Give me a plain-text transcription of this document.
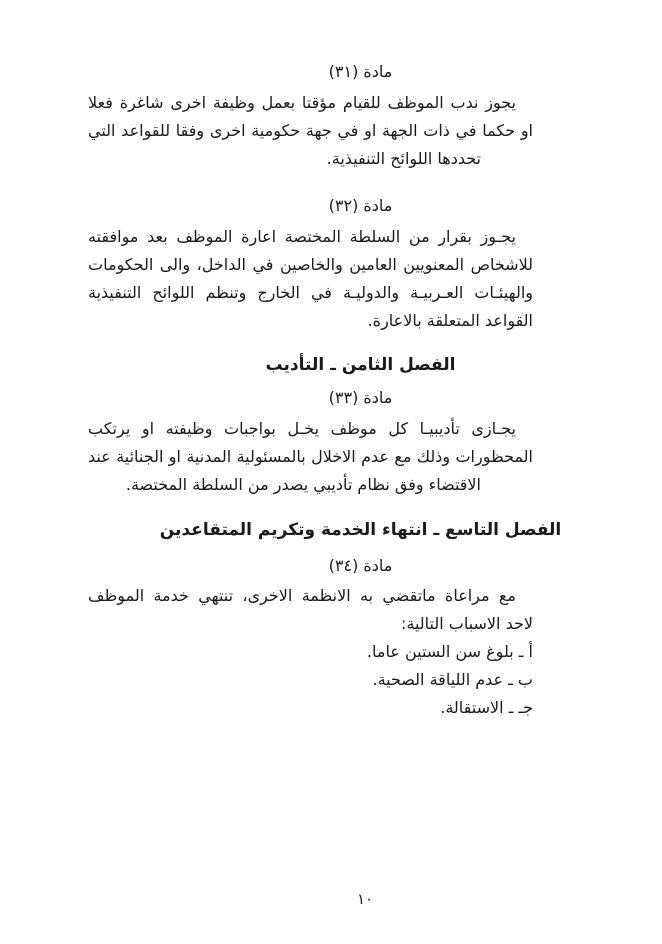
مادة (٣١)
يجوز ندب الموظف للقيام مؤقتا بعمل وظيفة اخرى شاغرة فعلا
او حكما في ذات الجهة او في جهة حكومية اخرى وفقا للقواعد التي
تحددها اللوائح التنفيذية.
مادة (٣٢)
يجـوز بقرار من السلطة المختصة اعارة الموظف بعد موافقته
للاشخاص المعنويين العامين والخاصين في الداخل، والى الحكومات
والهيئـات العـربيـة والدوليـة في الخارج وتنظم اللوائح التنفيذية
القواعد المتعلقة بالاعارة.
الفصل الثامن ـ التأديب
مادة (٣٣)
يجـازى تأديبيـا كل موظف يخـل بواجبات وظيفته او يرتكب
المحظورات وذلك مع عدم الاخلال بالمسئولية المدنية او الجنائية عند
الاقتضاء وفق نظام تأديبي يصدر من السلطة المختصة.
الفصل التاسع ـ انتهاء الخدمة وتكريم المتقاعدين
مادة (٣٤)
مع مراعاة ماتقضي به الانظمة الاخرى، تنتهي خدمة الموظف
لاحد الاسباب التالية:
أ ـ بلوغ سن الستين عاما.
ب ـ عدم اللياقة الصحية.
جـ ـ الاستقالة.
١٠
